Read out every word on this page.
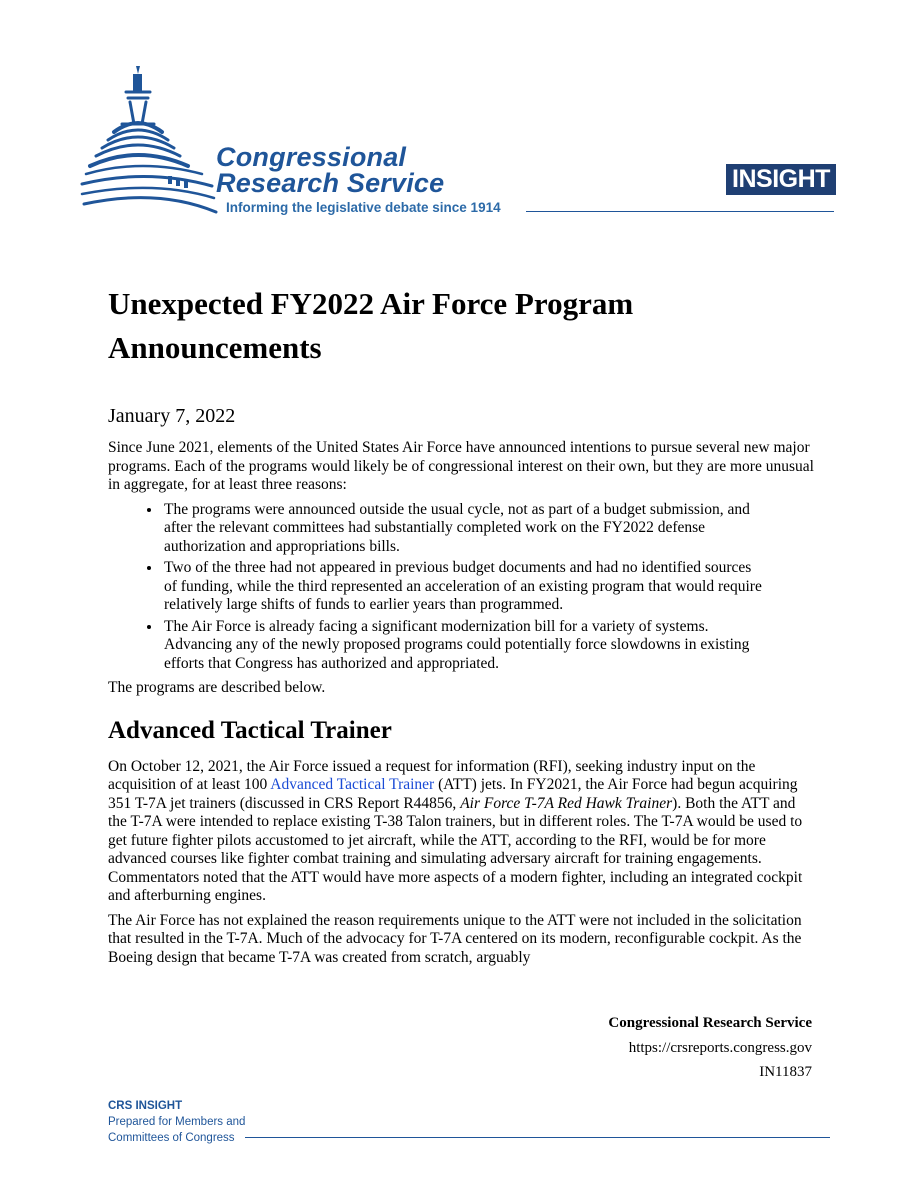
Congressional
Research Service
Informing the legislative debate since 1914
INSIGHT
Unexpected FY2022 Air Force Program Announcements
January 7, 2022

Since June 2021, elements of the United States Air Force have announced intentions to pursue several new major programs. Each of the programs would likely be of congressional interest on their own, but they are more unusual in aggregate, for at least three reasons:

• The programs were announced outside the usual cycle, not as part of a budget submission, and after the relevant committees had substantially completed work on the FY2022 defense authorization and appropriations bills.
• Two of the three had not appeared in previous budget documents and had no identified sources of funding, while the third represented an acceleration of an existing program that would require relatively large shifts of funds to earlier years than programmed.
• The Air Force is already facing a significant modernization bill for a variety of systems. Advancing any of the newly proposed programs could potentially force slowdowns in existing efforts that Congress has authorized and appropriated.

The programs are described below.

Advanced Tactical Trainer

On October 12, 2021, the Air Force issued a request for information (RFI), seeking industry input on the acquisition of at least 100 Advanced Tactical Trainer (ATT) jets. In FY2021, the Air Force had begun acquiring 351 T-7A jet trainers (discussed in CRS Report R44856, Air Force T-7A Red Hawk Trainer). Both the ATT and the T-7A were intended to replace existing T-38 Talon trainers, but in different roles. The T-7A would be used to get future fighter pilots accustomed to jet aircraft, while the ATT, according to the RFI, would be for more advanced courses like fighter combat training and simulating adversary aircraft for training engagements. Commentators noted that the ATT would have more aspects of a modern fighter, including an integrated cockpit and afterburning engines.

The Air Force has not explained the reason requirements unique to the ATT were not included in the solicitation that resulted in the T-7A. Much of the advocacy for T-7A centered on its modern, reconfigurable cockpit. As the Boeing design that became T-7A was created from scratch, arguably

Congressional Research Service
https://crsreports.congress.gov
IN11837
CRS INSIGHT
Prepared for Members and
Committees of Congress
